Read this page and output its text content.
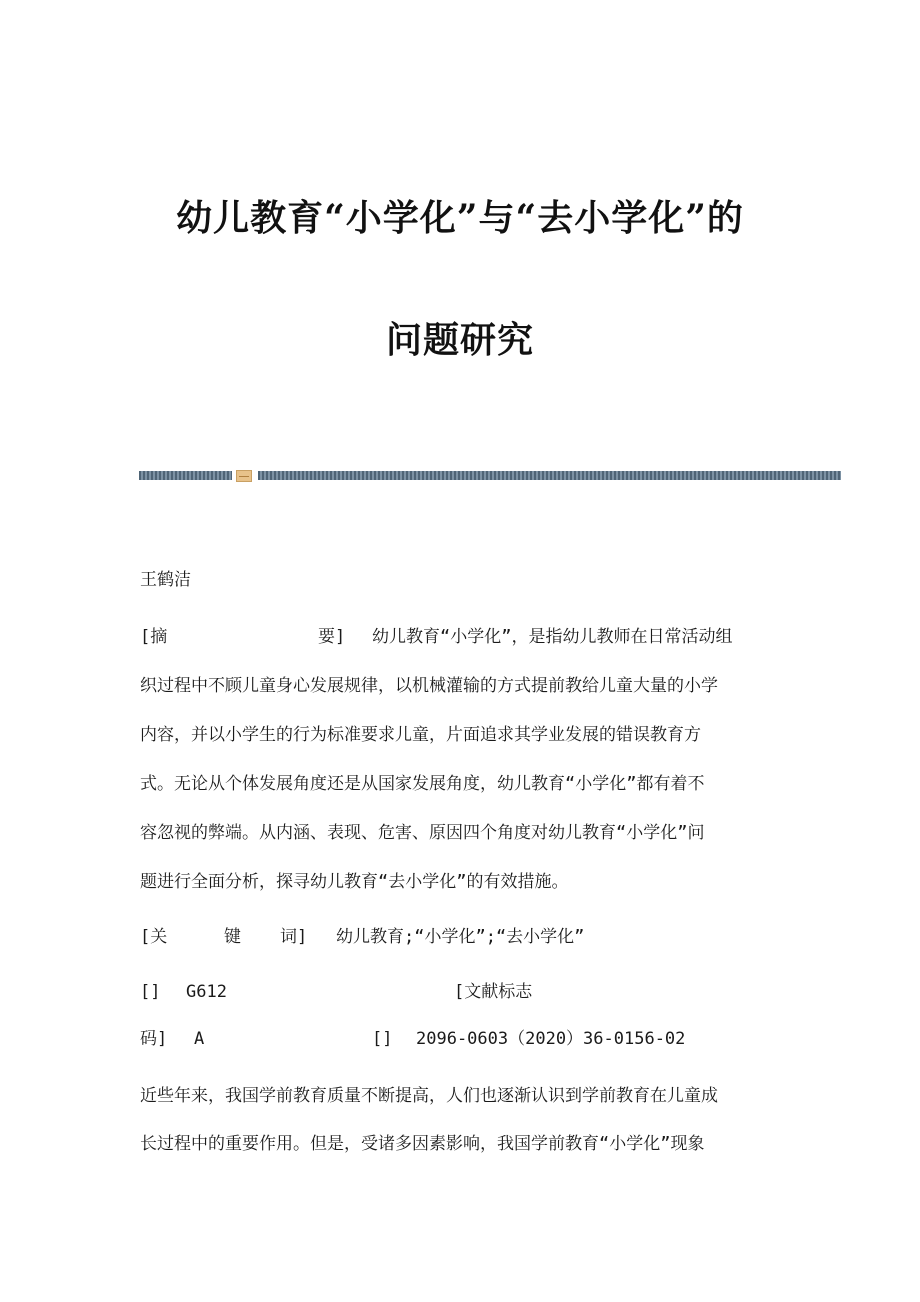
幼儿教育“小学化”与“去小学化”的
问题研究
王鹤洁
[摘	要] 幼儿教育“小学化”，是指幼儿教师在日常活动组
织过程中不顾儿童身心发展规律，以机械灌输的方式提前教给儿童大量的小学
内容，并以小学生的行为标准要求儿童，片面追求其学业发展的错误教育方
式。无论从个体发展角度还是从国家发展角度，幼儿教育“小学化”都有着不
容忽视的弊端。从内涵、表现、危害、原因四个角度对幼儿教育“小学化”问
题进行全面分析，探寻幼儿教育“去小学化”的有效措施。
[关	键 词] 幼儿教育;“小学化”;“去小学化”
[] G612	[文献标志
码] A	[] 2096-0603（2020）36-0156-02
近些年来，我国学前教育质量不断提高，人们也逐渐认识到学前教育在儿童成
长过程中的重要作用。但是，受诸多因素影响，我国学前教育“小学化”现象
